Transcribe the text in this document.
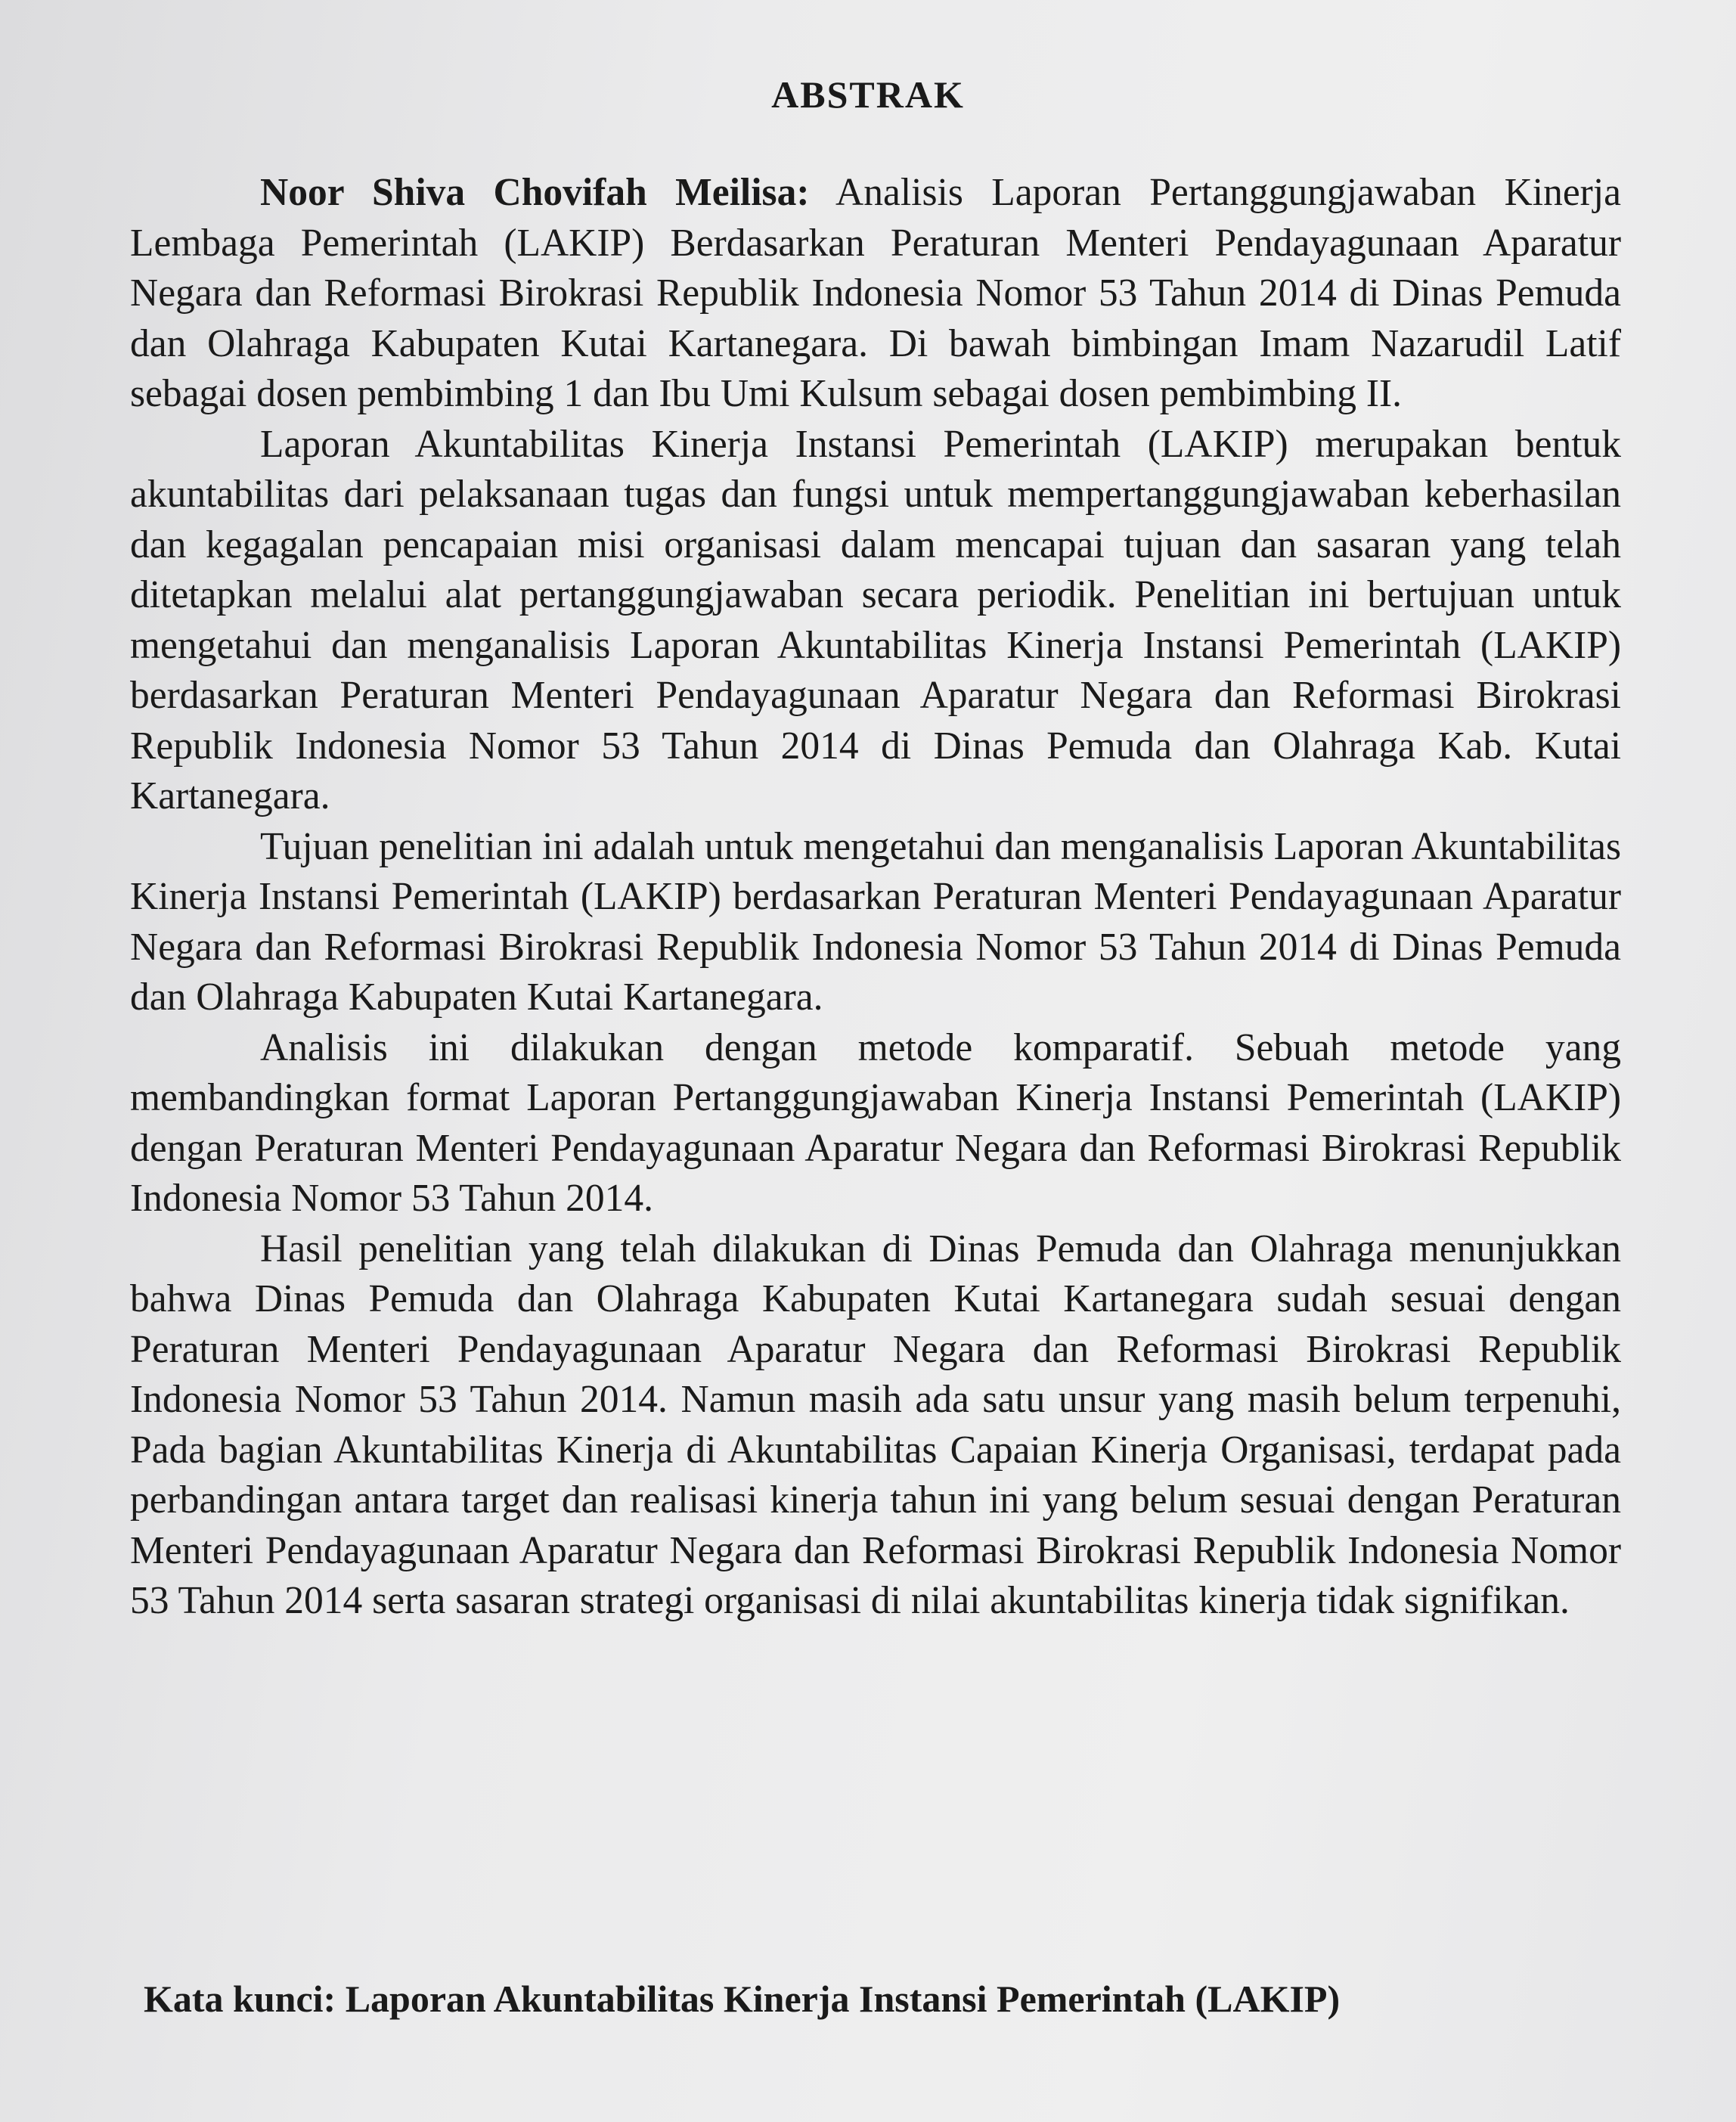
ABSTRAK

Noor Shiva Chovifah Meilisa: Analisis Laporan Pertanggungjawaban Kinerja Lembaga Pemerintah (LAKIP) Berdasarkan Peraturan Menteri Pendayagunaan Aparatur Negara dan Reformasi Birokrasi Republik Indonesia Nomor 53 Tahun 2014 di Dinas Pemuda dan Olahraga Kabupaten Kutai Kartanegara. Di bawah bimbingan Imam Nazarudil Latif sebagai dosen pembimbing 1 dan Ibu Umi Kulsum sebagai dosen pembimbing II.

Laporan Akuntabilitas Kinerja Instansi Pemerintah (LAKIP) merupakan bentuk akuntabilitas dari pelaksanaan tugas dan fungsi untuk mempertanggungjawaban keberhasilan dan kegagalan pencapaian misi organisasi dalam mencapai tujuan dan sasaran yang telah ditetapkan melalui alat pertanggungjawaban secara periodik. Penelitian ini bertujuan untuk mengetahui dan menganalisis Laporan Akuntabilitas Kinerja Instansi Pemerintah (LAKIP) berdasarkan Peraturan Menteri Pendayagunaan Aparatur Negara dan Reformasi Birokrasi Republik Indonesia Nomor 53 Tahun 2014 di Dinas Pemuda dan Olahraga Kab. Kutai Kartanegara.

Tujuan penelitian ini adalah untuk mengetahui dan menganalisis Laporan Akuntabilitas Kinerja Instansi Pemerintah (LAKIP) berdasarkan Peraturan Menteri Pendayagunaan Aparatur Negara dan Reformasi Birokrasi Republik Indonesia Nomor 53 Tahun 2014 di Dinas Pemuda dan Olahraga Kabupaten Kutai Kartanegara.

Analisis ini dilakukan dengan metode komparatif. Sebuah metode yang membandingkan format Laporan Pertanggungjawaban Kinerja Instansi Pemerintah (LAKIP) dengan Peraturan Menteri Pendayagunaan Aparatur Negara dan Reformasi Birokrasi Republik Indonesia Nomor 53 Tahun 2014.

Hasil penelitian yang telah dilakukan di Dinas Pemuda dan Olahraga menunjukkan bahwa Dinas Pemuda dan Olahraga Kabupaten Kutai Kartanegara sudah sesuai dengan Peraturan Menteri Pendayagunaan Aparatur Negara dan Reformasi Birokrasi Republik Indonesia Nomor 53 Tahun 2014. Namun masih ada satu unsur yang masih belum terpenuhi, Pada bagian Akuntabilitas Kinerja di Akuntabilitas Capaian Kinerja Organisasi, terdapat pada perbandingan antara target dan realisasi kinerja tahun ini yang belum sesuai dengan Peraturan Menteri Pendayagunaan Aparatur Negara dan Reformasi Birokrasi Republik Indonesia Nomor 53 Tahun 2014 serta sasaran strategi organisasi di nilai akuntabilitas kinerja tidak signifikan.

Kata kunci: Laporan Akuntabilitas Kinerja Instansi Pemerintah (LAKIP)
